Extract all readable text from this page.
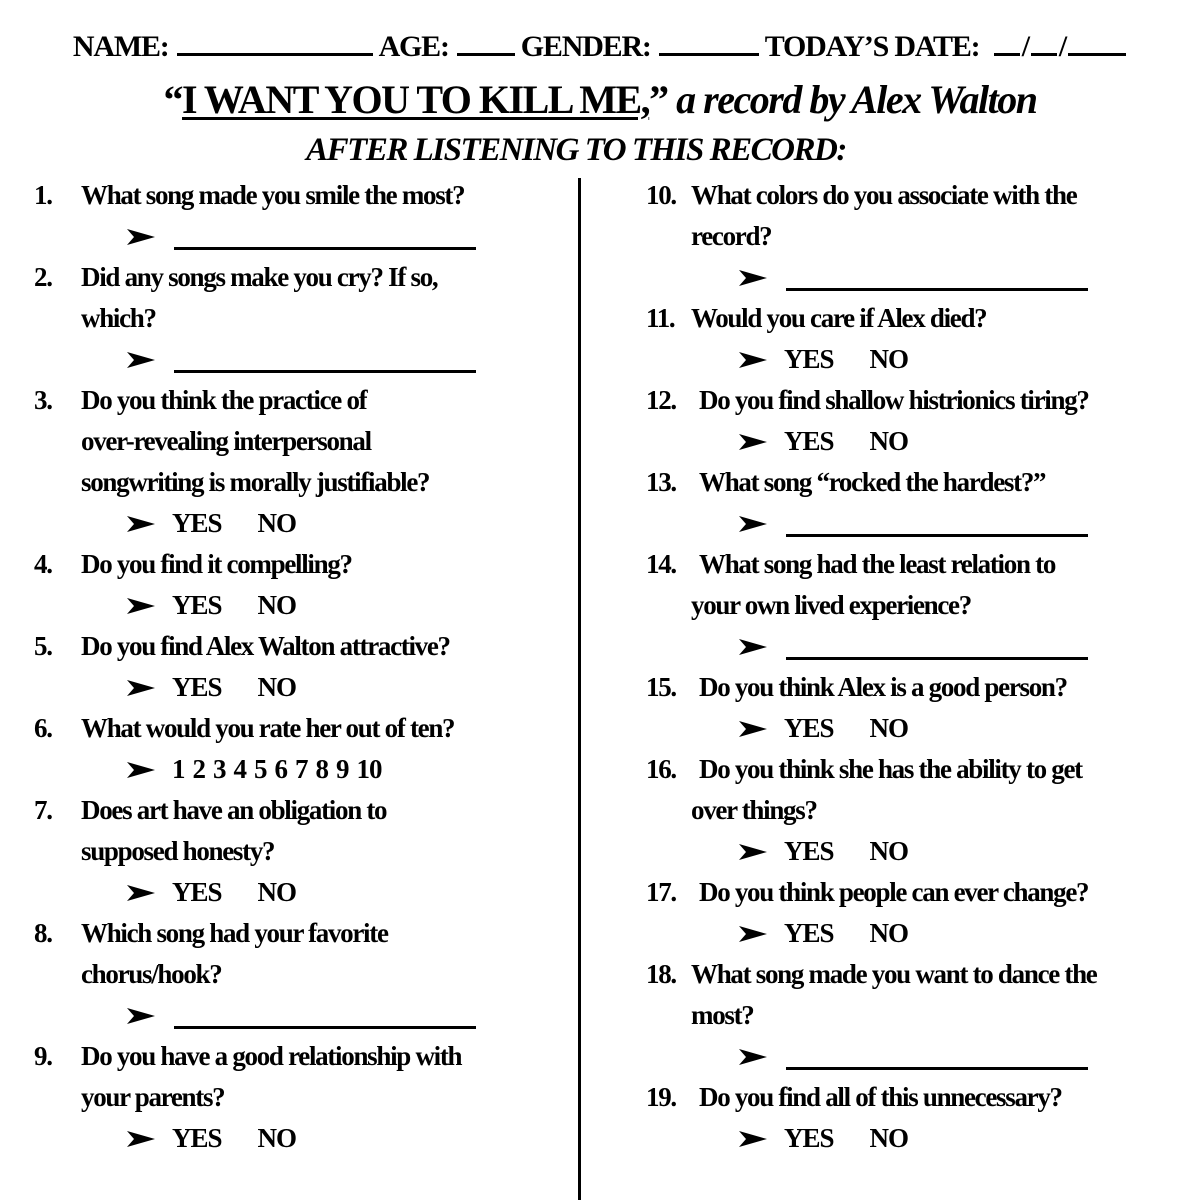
NAME:	AGE: GENDER:	TODAY’S DATE: / /
“I WANT YOU TO KILL ME,” a record by Alex Walton
AFTER LISTENING TO THIS RECORD:
1. What song made you smile the most?
2. Did any songs make you cry? If so,
which?
3. Do you think the practice of
over-revealing interpersonal
songwriting is morally justifiable?
YES NO
4. Do you find it compelling?
YES NO
5. Do you find Alex Walton attractive?
YES NO
6. What would you rate her out of ten?
1 2 3 4 5 6 7 8 9 10
7. Does art have an obligation to
supposed honesty?
YES NO
8. Which song had your favorite
chorus/hook?
9. Do you have a good relationship with
your parents?
YES NO
10. What colors do you associate with the
record?
11. Would you care if Alex died?
YES NO
12. Do you find shallow histrionics tiring?
YES NO
13. What song “rocked the hardest?”
14. What song had the least relation to
your own lived experience?
15. Do you think Alex is a good person?
YES NO
16. Do you think she has the ability to get
over things?
YES NO
17. Do you think people can ever change?
YES NO
18. What song made you want to dance the
most?
19. Do you find all of this unnecessary?
YES NO
